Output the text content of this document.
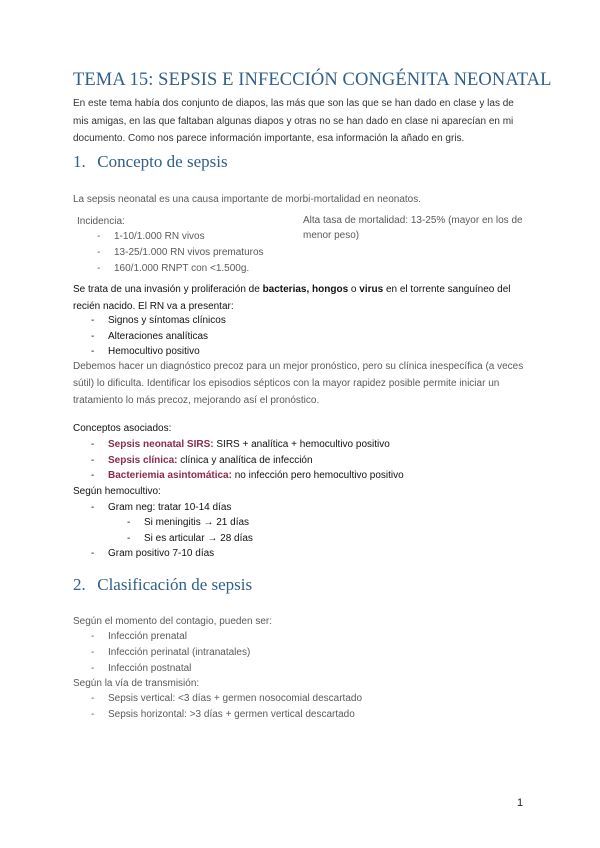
TEMA 15: SEPSIS E INFECCIÓN CONGÉNITA NEONATAL

En este tema había dos conjunto de diapos, las más que son las que se han dado en clase y las de mis amigas, en las que faltaban algunas diapos y otras no se han dado en clase ni aparecían en mi documento. Como nos parece información importante, esa información la añado en gris.

1. Concepto de sepsis

La sepsis neonatal es una causa importante de morbi-mortalidad en neonatos.

Incidencia:

- 1-10/1.000 RN vivos
- 13-25/1.000 RN vivos prematuros
- 160/1.000 RNPT con <1.500g.

Alta tasa de mortalidad: 13-25% (mayor en los de menor peso)

Se trata de una invasión y proliferación de bacterias, hongos o virus en el torrente sanguíneo del recién nacido. El RN va a presentar:

- Signos y síntomas clínicos
- Alteraciones analíticas
- Hemocultivo positivo

Debemos hacer un diagnóstico precoz para un mejor pronóstico, pero su clínica inespecífica (a veces sútil) lo dificulta. Identificar los episodios sépticos con la mayor rapidez posible permite iniciar un tratamiento lo más precoz, mejorando así el pronóstico.

Conceptos asociados:

- Sepsis neonatal SIRS: SIRS + analítica + hemocultivo positivo
- Sepsis clínica: clínica y analítica de infección
- Bacteriemia asintomática: no infección pero hemocultivo positivo

Según hemocultivo:

- Gram neg: tratar 10-14 días
- Si meningitis → 21 días
- Si es articular → 28 días
- Gram positivo 7-10 días
2. Clasificación de sepsis

Según el momento del contagio, pueden ser:

- Infección prenatal
- Infección perinatal (intranatales)
- Infección postnatal

Según la vía de transmisión:

- Sepsis vertical: <3 días + germen nosocomial descartado
- Sepsis horizontal: >3 días + germen vertical descartado
1
